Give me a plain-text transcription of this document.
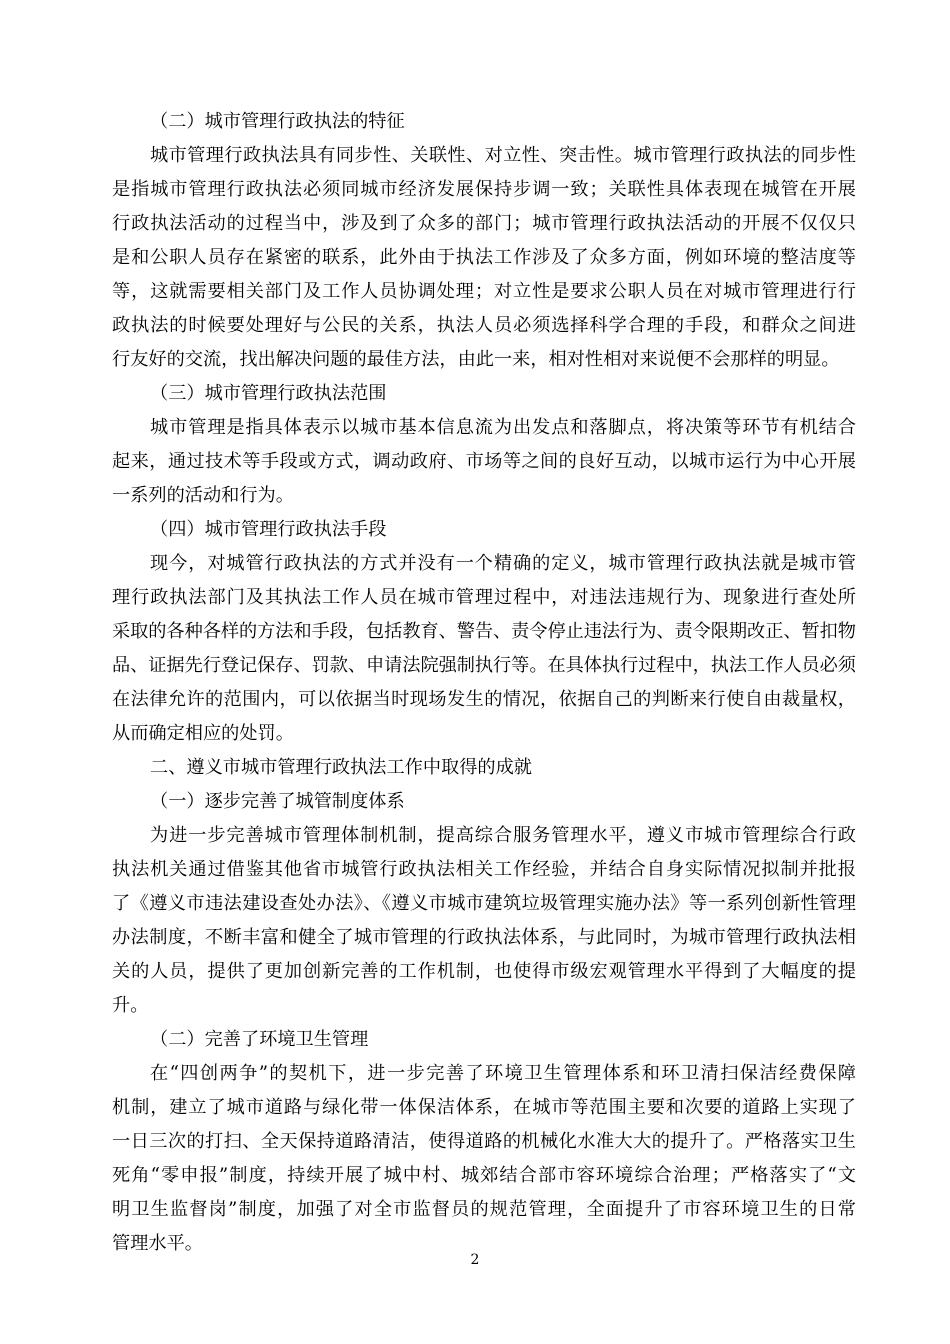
（二）城市管理行政执法的特征
城市管理行政执法具有同步性、关联性、对立性、突击性。城市管理行政执法的同步性
是指城市管理行政执法必须同城市经济发展保持步调一致；关联性具体表现在城管在开展
行政执法活动的过程当中，涉及到了众多的部门；城市管理行政执法活动的开展不仅仅只
是和公职人员存在紧密的联系，此外由于执法工作涉及了众多方面，例如环境的整洁度等
等，这就需要相关部门及工作人员协调处理；对立性是要求公职人员在对城市管理进行行
政执法的时候要处理好与公民的关系，执法人员必须选择科学合理的手段，和群众之间进
行友好的交流，找出解决问题的最佳方法，由此一来，相对性相对来说便不会那样的明显。
（三）城市管理行政执法范围
城市管理是指具体表示以城市基本信息流为出发点和落脚点，将决策等环节有机结合
起来，通过技术等手段或方式，调动政府、市场等之间的良好互动，以城市运行为中心开展
一系列的活动和行为。
（四）城市管理行政执法手段
现今，对城管行政执法的方式并没有一个精确的定义，城市管理行政执法就是城市管
理行政执法部门及其执法工作人员在城市管理过程中，对违法违规行为、现象进行查处所
采取的各种各样的方法和手段，包括教育、警告、责令停止违法行为、责令限期改正、暂扣物
品、证据先行登记保存、罚款、申请法院强制执行等。在具体执行过程中，执法工作人员必须
在法律允许的范围内，可以依据当时现场发生的情况，依据自己的判断来行使自由裁量权，
从而确定相应的处罚。
二、遵义市城市管理行政执法工作中取得的成就
（一）逐步完善了城管制度体系
为进一步完善城市管理体制机制，提高综合服务管理水平，遵义市城市管理综合行政
执法机关通过借鉴其他省市城管行政执法相关工作经验，并结合自身实际情况拟制并批报
了《遵义市违法建设查处办法》、《遵义市城市建筑垃圾管理实施办法》等一系列创新性管理
办法制度，不断丰富和健全了城市管理的行政执法体系，与此同时，为城市管理行政执法相
关的人员，提供了更加创新完善的工作机制，也使得市级宏观管理水平得到了大幅度的提
升。
（二）完善了环境卫生管理
在“四创两争”的契机下，进一步完善了环境卫生管理体系和环卫清扫保洁经费保障
机制，建立了城市道路与绿化带一体保洁体系，在城市等范围主要和次要的道路上实现了
一日三次的打扫、全天保持道路清洁，使得道路的机械化水准大大的提升了。严格落实卫生
死角“零申报”制度，持续开展了城中村、城郊结合部市容环境综合治理；严格落实了“文
明卫生监督岗”制度，加强了对全市监督员的规范管理，全面提升了市容环境卫生的日常
管理水平。
2
